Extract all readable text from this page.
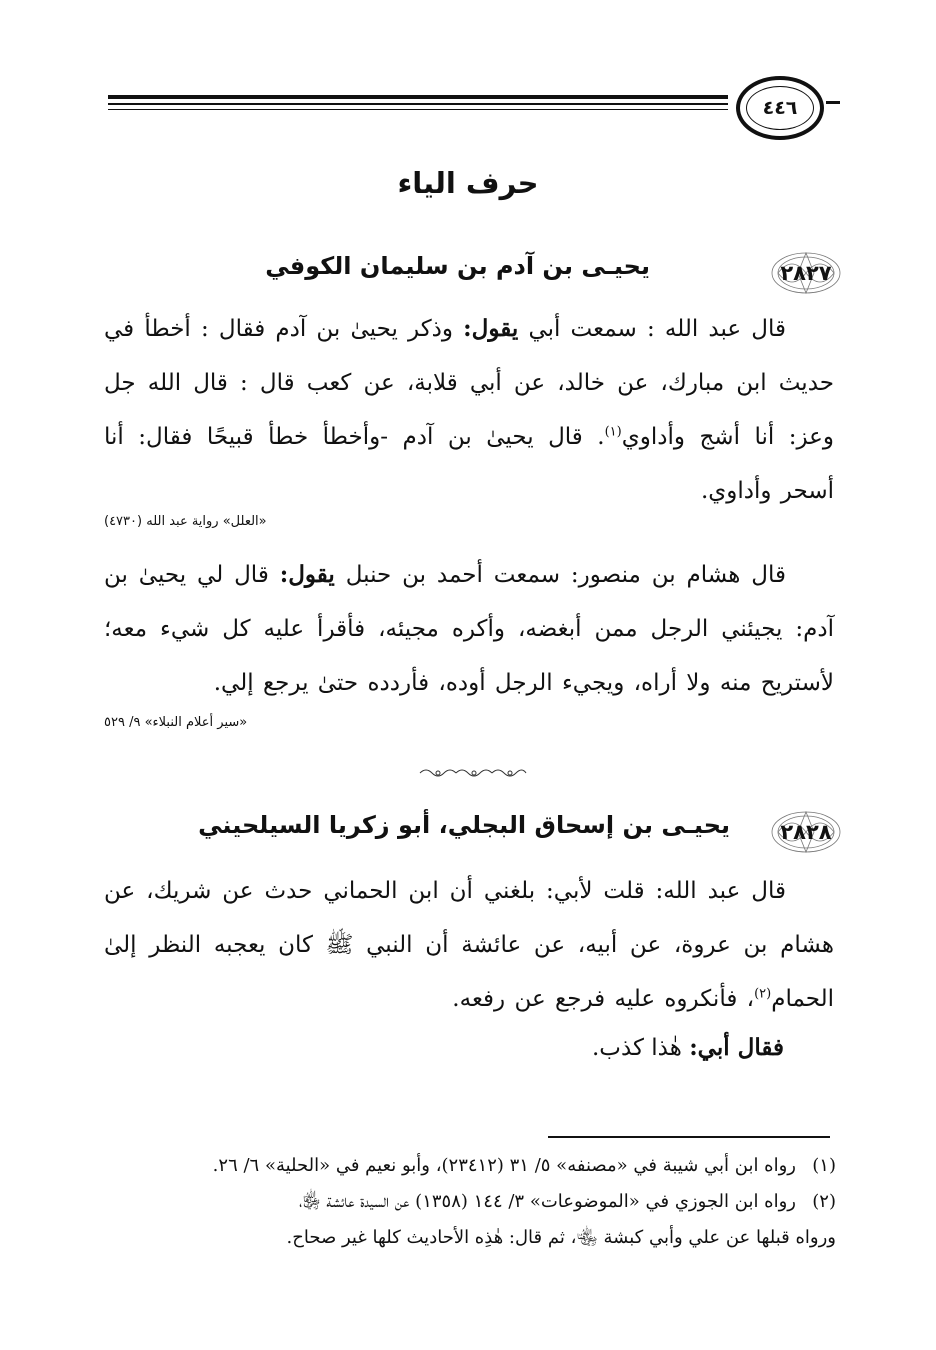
٤٤٦
حرف الياء
٢٨٢٧
يحيـى بن آدم بن سليمان الكوفي
قال عبد الله : سمعت أبي يقول: وذكر يحيىٰ بن آدم فقال : أخطأ في حديث ابن مبارك، عن خالد، عن أبي قلابة، عن كعب قال : قال الله جل وعز: أنا أشج وأداوي$^{(١)}$. قال يحيىٰ بن آدم -وأخطأ خطأ قبيحًا فقال: أنا أسحر وأداوي.
«العلل» رواية عبد الله (٤٧٣٠)
قال هشام بن منصور: سمعت أحمد بن حنبل يقول: قال لي يحيىٰ بن آدم: يجيئني الرجل ممن أبغضه، وأكره مجيئه، فأقرأ عليه كل شيء معه؛ لأستريح منه ولا أراه، ويجيء الرجل أوده، فأردده حتىٰ يرجع إلي.
«سير أعلام النبلاء» ٩/ ٥٢٩
٢٨٢٨
يحيـى بن إسحاق البجلي، أبو زكريا السيلحيني
قال عبد الله: قلت لأبي: بلغني أن ابن الحماني حدث عن شريك، عن هشام بن عروة، عن أبيه، عن عائشة أن النبي ﷺ كان يعجبه النظر إلىٰ الحمام$^{(٢)}$، فأنكروه عليه فرجع عن رفعه.
فقال أبي: هٰذا كذب.
(١)رواه ابن أبي شيبة في «مصنفه» ٥/ ٣١ (٢٣٤١٢)، وأبو نعيم في «الحلية» ٦/ ٢٦.
(٢)رواه ابن الجوزي في «الموضوعات» ٣/ ١٤٤ (١٣٥٨) عن السيدة عائشة ﵂،
ورواه قبلها عن علي وأبي كبشة ﵄، ثم قال: هٰذِه الأحاديث كلها غير صحاح.
